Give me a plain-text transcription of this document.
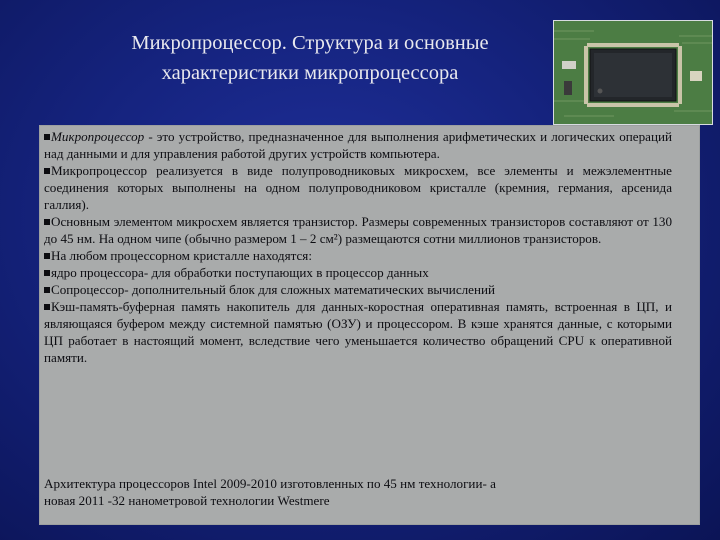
Микропроцессор. Структура и основные
характеристики микропроцессора

Микропроцессор - это устройство, предназначенное для выполнения арифметических и логических операций над данными и для управления работой других устройств компьютера.

Микропроцессор реализуется в виде полупроводниковых микросхем, все элементы и межэлементные соединения которых выполнены на одном полупроводниковом кристалле (кремния, германия, арсенида галлия).

Основным элементом микросхем является транзистор. Размеры современных транзисторов составляют от 130 до 45 нм. На одном чипе (обычно размером 1 – 2 см²) размещаются сотни миллионов транзисторов.

На любом процессорном кристалле находятся:

ядро процессора- для обработки поступающих в процессор данных

Сопроцессор- дополнительный блок для сложных математических вычислений

Кэш-память-буферная память накопитель для данных-коростная оперативная память, встроенная в ЦП, и являющаяся буфером между системной памятью (ОЗУ) и процессором. В кэше хранятся данные, с которыми ЦП работает в настоящий момент, вследствие чего уменьшается количество обращений CPU к оперативной памяти.

Архитектура процессоров Intel 2009-2010 изготовленных по 45 нм технологии- а
новая 2011 -32 нанометровой технологии Westmere
